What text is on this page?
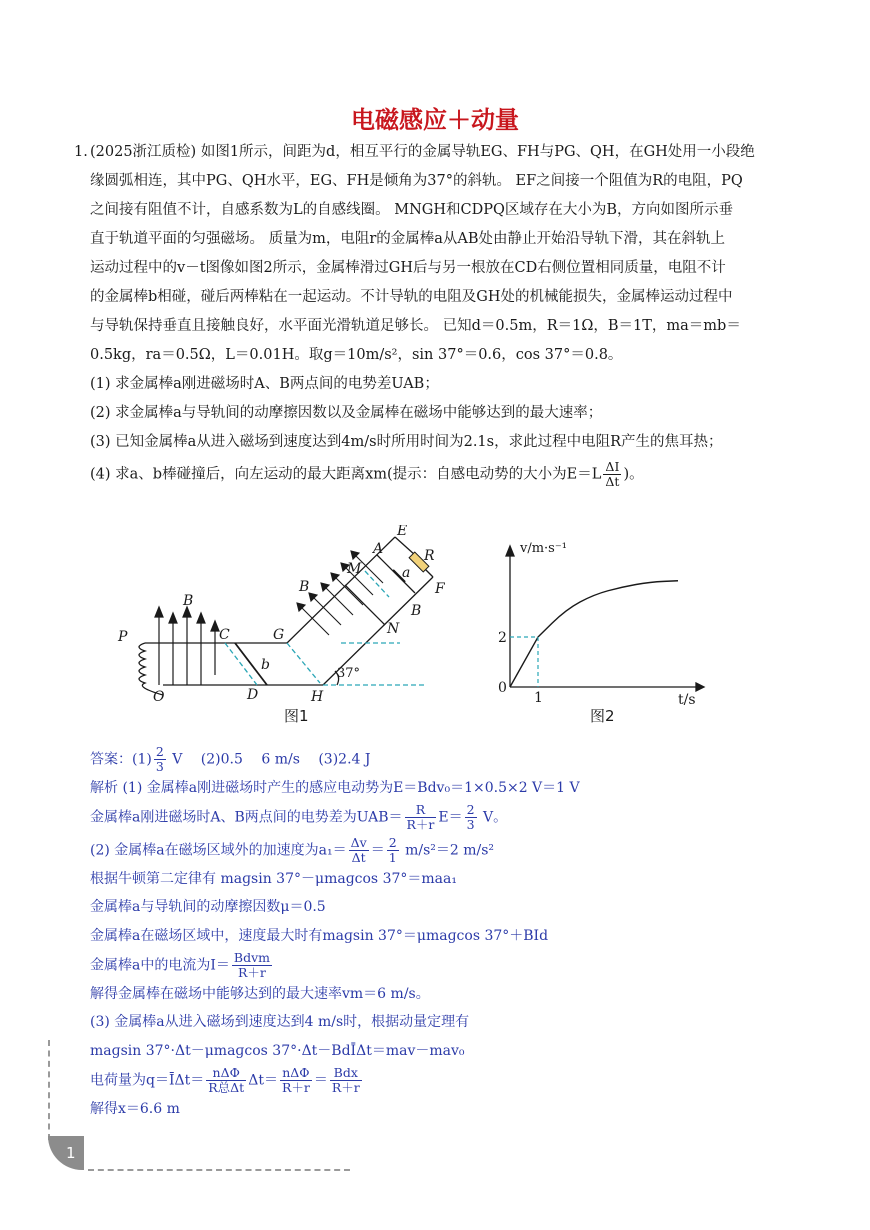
电磁感应＋动量
1. (2025浙江质检) 如图1所示，间距为d，相互平行的金属导轨EG、FH与PG、QH，在GH处用一小段绝

缘圆弧相连，其中PG、QH水平，EG、FH是倾角为37°的斜轨。 EF之间接一个阻值为R的电阻，PQ

之间接有阻值不计，自感系数为L的自感线圈。 MNGH和CDPQ区域存在大小为B，方向如图所示垂

直于轨道平面的匀强磁场。 质量为m，电阻r的金属棒a从AB处由静止开始沿导轨下滑，其在斜轨上

运动过程中的v－t图像如图2所示，金属棒滑过GH后与另一根放在CD右侧位置相同质量，电阻不计

的金属棒b相碰，碰后两棒粘在一起运动。不计导轨的电阻及GH处的机械能损失，金属棒运动过程中

与导轨保持垂直且接触良好，水平面光滑轨道足够长。 已知d＝0.5m，R＝1Ω，B＝1T，ma＝mb＝

0.5kg，ra＝0.5Ω，L＝0.01H。取g＝10m/s²，sin 37°＝0.6，cos 37°＝0.8。

(1) 求金属棒a刚进磁场时A、B两点间的电势差UAB；

(2) 求金属棒a与导轨间的动摩擦因数以及金属棒在磁场中能够达到的最大速率；

(3) 已知金属棒a从进入磁场到速度达到4m/s时所用时间为2.1s，求此过程中电阻R产生的焦耳热；

(4) 求a、b棒碰撞后，向左运动的最大距离xm(提示：自感电动势的大小为$E=L \frac{\Delta I}{\Delta t}$ )。

E
R
A
a
M
F
B
B
B
N
G
C
P
b
O	D	H
37°
图1
v/m·s⁻¹
t/s
0
2
1
图2

答案：$(1) \frac{2}{3}$ V　 (2)0.5　 6 m/s　 (3)2.4 J

解析 (1) 金属棒a刚进磁场时产生的感应电动势为E＝Bdv₀＝1×0.5×2 V＝1 V

金属棒a刚进磁场时A、B两点间的电势差为$UAB= \frac{R}{R+r} E= \frac{2}{3}$ V。

(2) 金属棒a在磁场区域外的加速度为$a_1= \frac{\Delta v}{\Delta t} = \frac{2}{1} m/s^2=2$ m/s²

根据牛顿第二定律有 maɡsin 37°－μmaɡcos 37°＝maa₁

金属棒a与导轨间的动摩擦因数μ＝0.5

金属棒a在磁场区域中，速度最大时有maɡsin 37°＝μmaɡcos 37°＋BId

金属棒a中的电流为$I= \frac{\text{Bdvm}}{R+r}$

解得金属棒在磁场中能够达到的最大速率vm＝6 m/s。

(3) 金属棒a从进入磁场到速度达到4 m/s时，根据动量定理有

maɡsin 37°·Δt－μmaɡcos 37°·Δt－BdĪΔt＝mav－mav₀

电荷量为q＝ĪΔt＝ $\frac{\text{nΔΦ}}{\text{R总Δt}} \Delta t= \frac{\text{nΔΦ}}{R+r} = \frac{\text{Bdx}}{R+r}$

解得x＝6.6 m

1
